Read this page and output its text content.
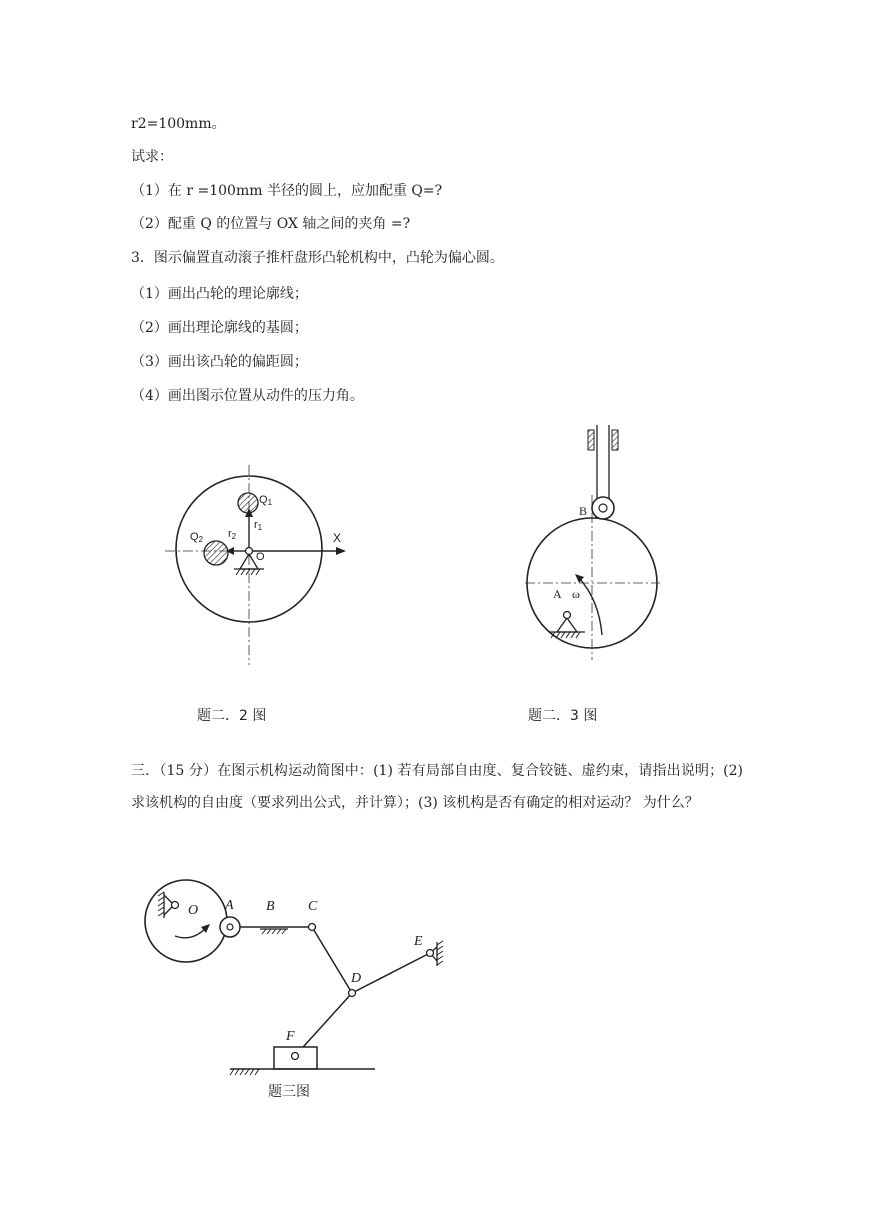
r2=100mm。
试求：
（1）在 r =100mm 半径的圆上，应加配重 Q=?
（2）配重 Q 的位置与 OX 轴之间的夹角 =?
3．图示偏置直动滚子推杆盘形凸轮机构中，凸轮为偏心圆。
（1）画出凸轮的理论廓线；
（2）画出理论廓线的基圆；
（3）画出该凸轮的偏距圆；
（4）画出图示位置从动件的压力角。
Q1
Q2
r1
r2
O
X
题二．2 图
B
A ω
题二．3 图
三．（15 分）在图示机构运动简图中：(1) 若有局部自由度、复合铰链、虚约束，请指出说明；(2) 求该机构的自由度（要求列出公式，并计算）；(3) 该机构是否有确定的相对运动？ 为什么？
O A B C
D
E
F
题三图
